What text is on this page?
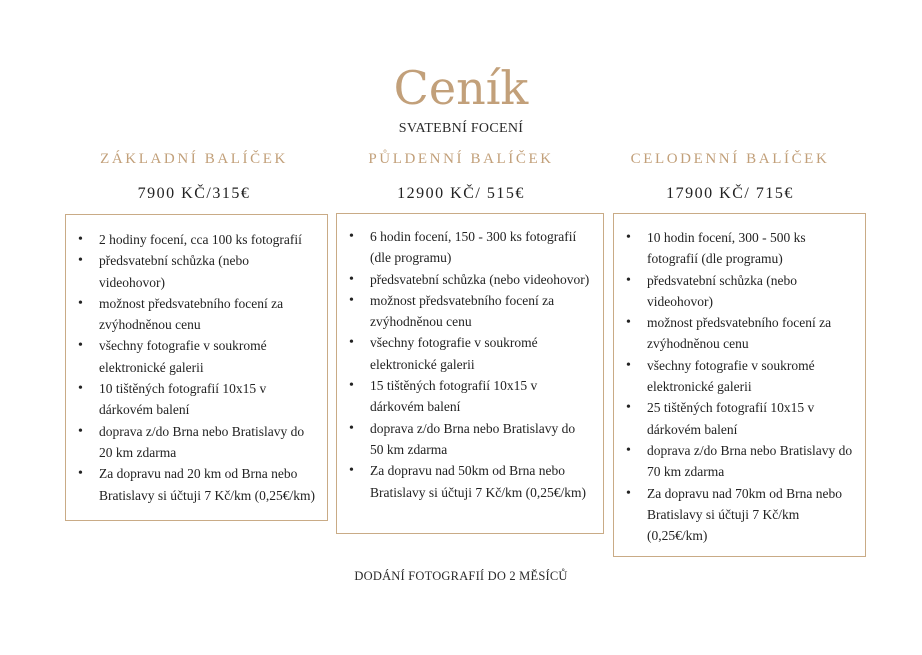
Ceník
SVATEBNÍ FOCENÍ
ZÁKLADNÍ BALÍČEK
7900 KČ/315€
• 2 hodiny focení, cca 100 ks fotografií
• předsvatební schůzka (nebo videohovor)
• možnost předsvatebního focení za zvýhodněnou cenu
• všechny fotografie v soukromé elektronické galerii
• 10 tištěných fotografií 10x15 v dárkovém balení
• doprava z/do Brna nebo Bratislavy do 20 km zdarma
• Za dopravu nad 20 km od Brna nebo Bratislavy si účtuji 7 Kč/km (0,25€/km)
PŮLDENNÍ BALÍČEK
12900 KČ/ 515€
• 6 hodin focení, 150 - 300 ks fotografií (dle programu)
• předsvatební schůzka (nebo videohovor)
• možnost předsvatebního focení za zvýhodněnou cenu
• všechny fotografie v soukromé elektronické galerii
• 15 tištěných fotografií 10x15 v dárkovém balení
• doprava z/do Brna nebo Bratislavy do 50 km zdarma
• Za dopravu nad 50km od Brna nebo Bratislavy si účtuji 7 Kč/km (0,25€/km)
CELODENNÍ BALÍČEK
17900 KČ/ 715€
• 10 hodin focení, 300 - 500 ks fotografií (dle programu)
• předsvatební schůzka (nebo videohovor)
• možnost předsvatebního focení za zvýhodněnou cenu
• všechny fotografie v soukromé elektronické galerii
• 25 tištěných fotografií 10x15 v dárkovém balení
• doprava z/do Brna nebo Bratislavy do 70 km zdarma
• Za dopravu nad 70km od Brna nebo Bratislavy si účtuji 7 Kč/km (0,25€/km)
DODÁNÍ FOTOGRAFIÍ DO 2 MĚSÍCŮ
